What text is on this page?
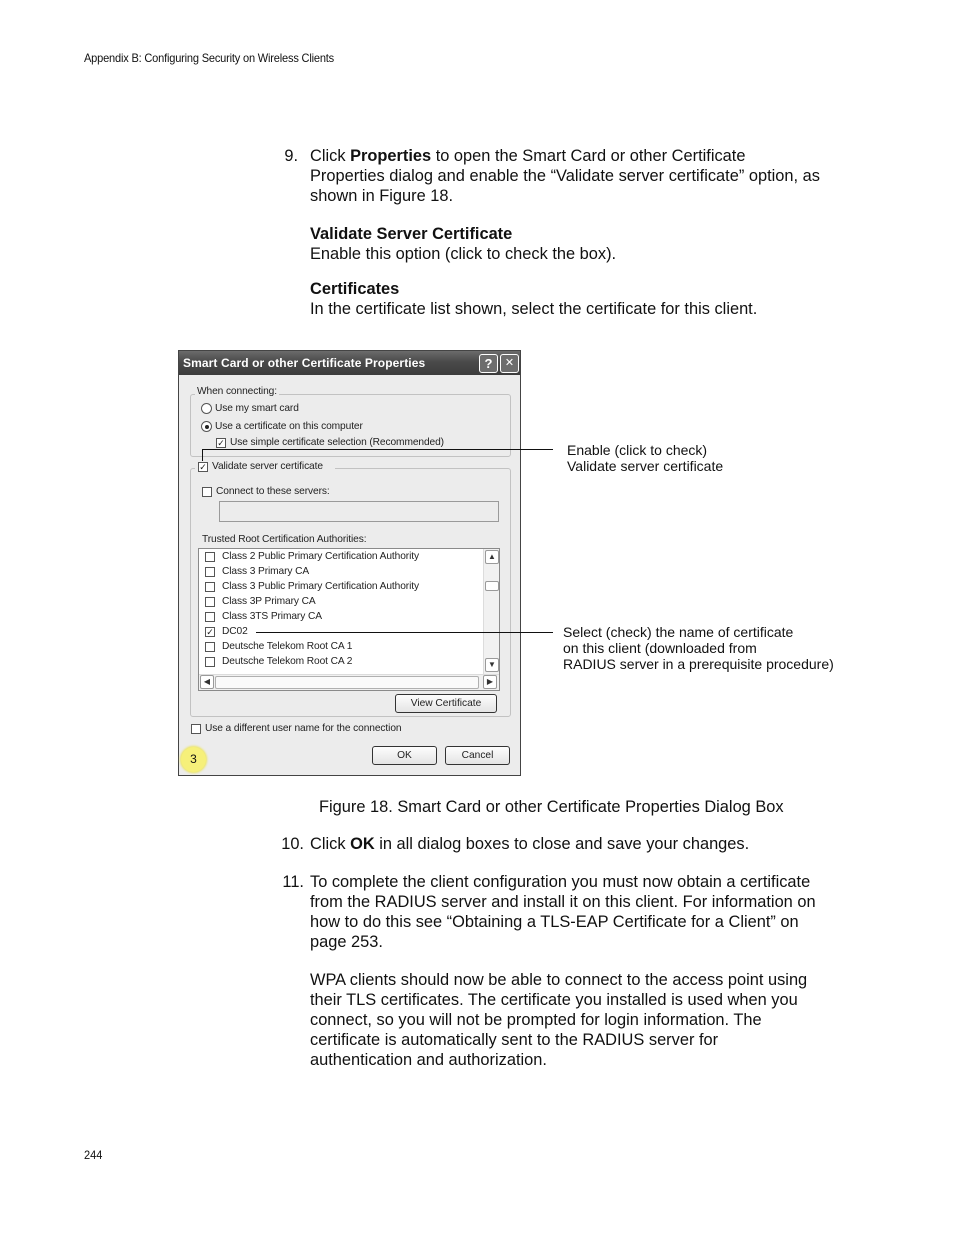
Appendix B: Configuring Security on Wireless Clients
9. Click Properties to open the Smart Card or other Certificate
Properties dialog and enable the “Validate server certificate” option, as
shown in Figure 18.
Validate Server Certificate
Enable this option (click to check the box).
Certificates
In the certificate list shown, select the certificate for this client.
Smart Card or other Certificate Properties	?	✕
When connecting:
Use my smart card
Use a certificate on this computer
✓ Use simple certificate selection (Recommended)
✓ Validate server certificate
Connect to these servers:
Trusted Root Certification Authorities:
Class 2 Public Primary Certification Authority
Class 3 Primary CA
Class 3 Public Primary Certification Authority
Class 3P Primary CA
Class 3TS Primary CA
✓ DC02
Deutsche Telekom Root CA 1
Deutsche Telekom Root CA 2
▲
▼
◀	▶
View Certificate
Use a different user name for the connection
3	OK	Cancel
Enable (click to check)
Validate server certificate
Select (check) the name of certificate
on this client (downloaded from
RADIUS server in a prerequisite procedure)
Figure 18. Smart Card or other Certificate Properties Dialog Box
10. Click OK in all dialog boxes to close and save your changes.
11. To complete the client configuration you must now obtain a certificate
from the RADIUS server and install it on this client. For information on
how to do this see “Obtaining a TLS-EAP Certificate for a Client” on
page 253.
WPA clients should now be able to connect to the access point using
their TLS certificates. The certificate you installed is used when you
connect, so you will not be prompted for login information. The
certificate is automatically sent to the RADIUS server for
authentication and authorization.
244
